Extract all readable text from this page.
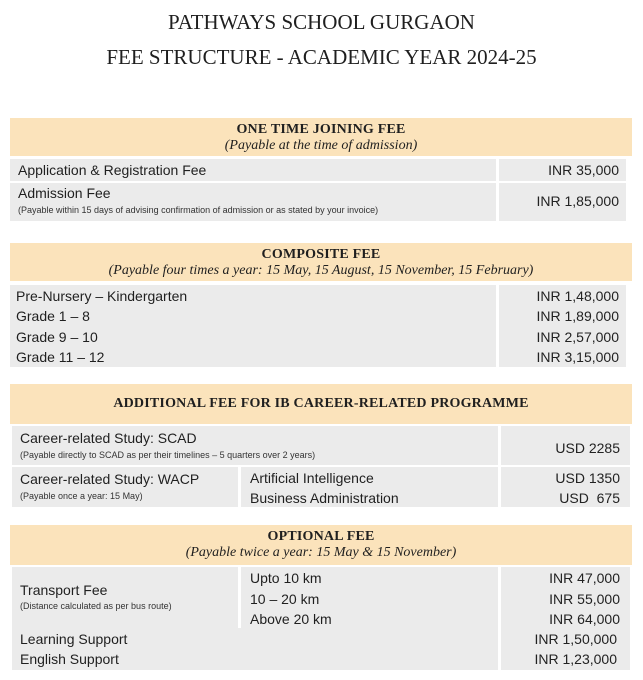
PATHWAYS SCHOOL GURGAON
FEE STRUCTURE - ACADEMIC YEAR 2024-25
ONE TIME JOINING FEE
(Payable at the time of admission)
Application & Registration Fee	INR 35,000
Admission Fee
(Payable within 15 days of advising confirmation of admission or as stated by your invoice)
INR 1,85,000
COMPOSITE FEE
(Payable four times a year: 15 May, 15 August, 15 November, 15 February)
Pre-Nursery – Kindergarten
Grade 1 – 8
Grade 9 – 10
Grade 11 – 12
INR 1,48,000
INR 1,89,000
INR 2,57,000
INR 3,15,000
ADDITIONAL FEE FOR IB CAREER-RELATED PROGRAMME
Career-related Study: SCAD
(Payable directly to SCAD as per their timelines – 5 quarters over 2 years)	USD 2285
Career-related Study: WACP
(Payable once a year: 15 May)
Artificial Intelligence
Business Administration
USD 1350
USD  675
OPTIONAL FEE
(Payable twice a year: 15 May & 15 November)
Transport Fee
(Distance calculated as per bus route)
Upto 10 km
10 – 20 km
Above 20 km
INR 47,000
INR 55,000
INR 64,000
Learning Support
English Support
INR 1,50,000
INR 1,23,000
